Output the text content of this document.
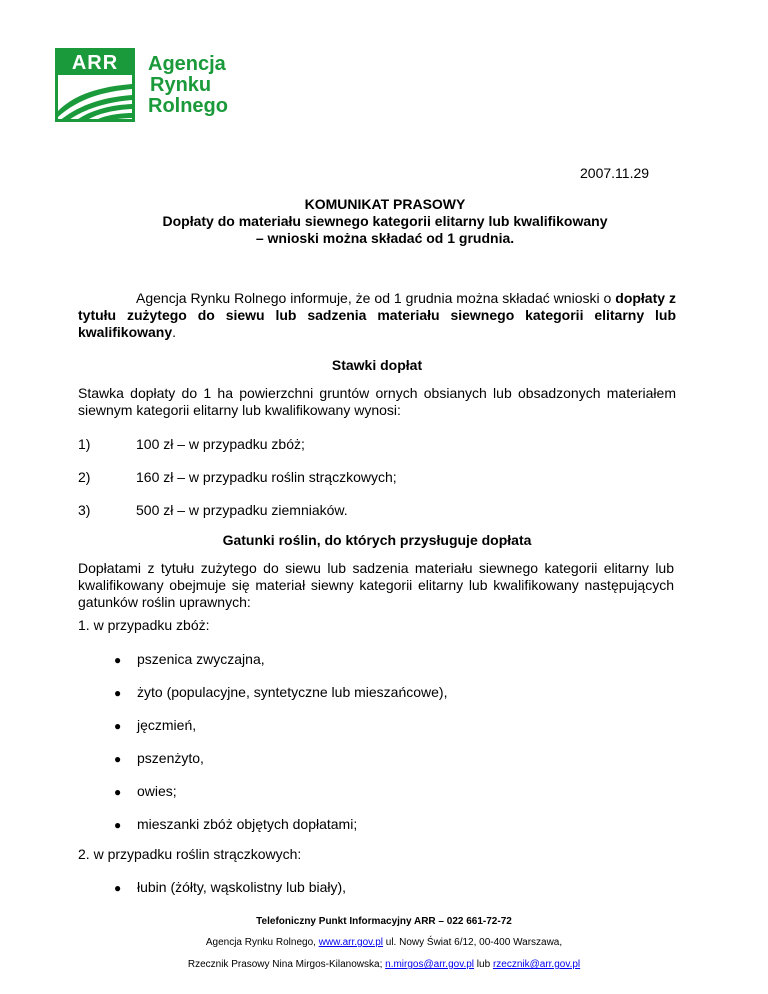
ARR	Agencja
Rynku
Rolnego
2007.11.29
KOMUNIKAT PRASOWY
Dopłaty do materiału siewnego kategorii elitarny lub kwalifikowany
– wnioski można składać od 1 grudnia.
Agencja Rynku Rolnego informuje, że od 1 grudnia można składać wnioski o dopłaty z tytułu zużytego do siewu lub sadzenia materiału siewnego kategorii elitarny lub kwalifikowany.
Stawki dopłat
Stawka dopłaty do 1 ha powierzchni gruntów ornych obsianych lub obsadzonych materiałem siewnym kategorii elitarny lub kwalifikowany wynosi:
1)	100 zł – w przypadku zbóż;
2)	160 zł – w przypadku roślin strączkowych;
3)	500 zł – w przypadku ziemniaków.
Gatunki roślin, do których przysługuje dopłata
Dopłatami z tytułu zużytego do siewu lub sadzenia materiału siewnego kategorii elitarny lub kwalifikowany obejmuje się materiał siewny kategorii elitarny lub kwalifikowany następujących gatunków roślin uprawnych:
1. w przypadku zbóż:
● pszenica zwyczajna,
● żyto (populacyjne, syntetyczne lub mieszańcowe),
● jęczmień,
● pszenżyto,
● owies;
● mieszanki zbóż objętych dopłatami;
2. w przypadku roślin strączkowych:
● łubin (żółty, wąskolistny lub biały),
Telefoniczny Punkt Informacyjny ARR – 022 661-72-72
Agencja Rynku Rolnego, www.arr.gov.pl ul. Nowy Świat 6/12, 00-400 Warszawa,
Rzecznik Prasowy Nina Mirgos-Kilanowska; n.mirgos@arr.gov.pl lub rzecznik@arr.gov.pl
